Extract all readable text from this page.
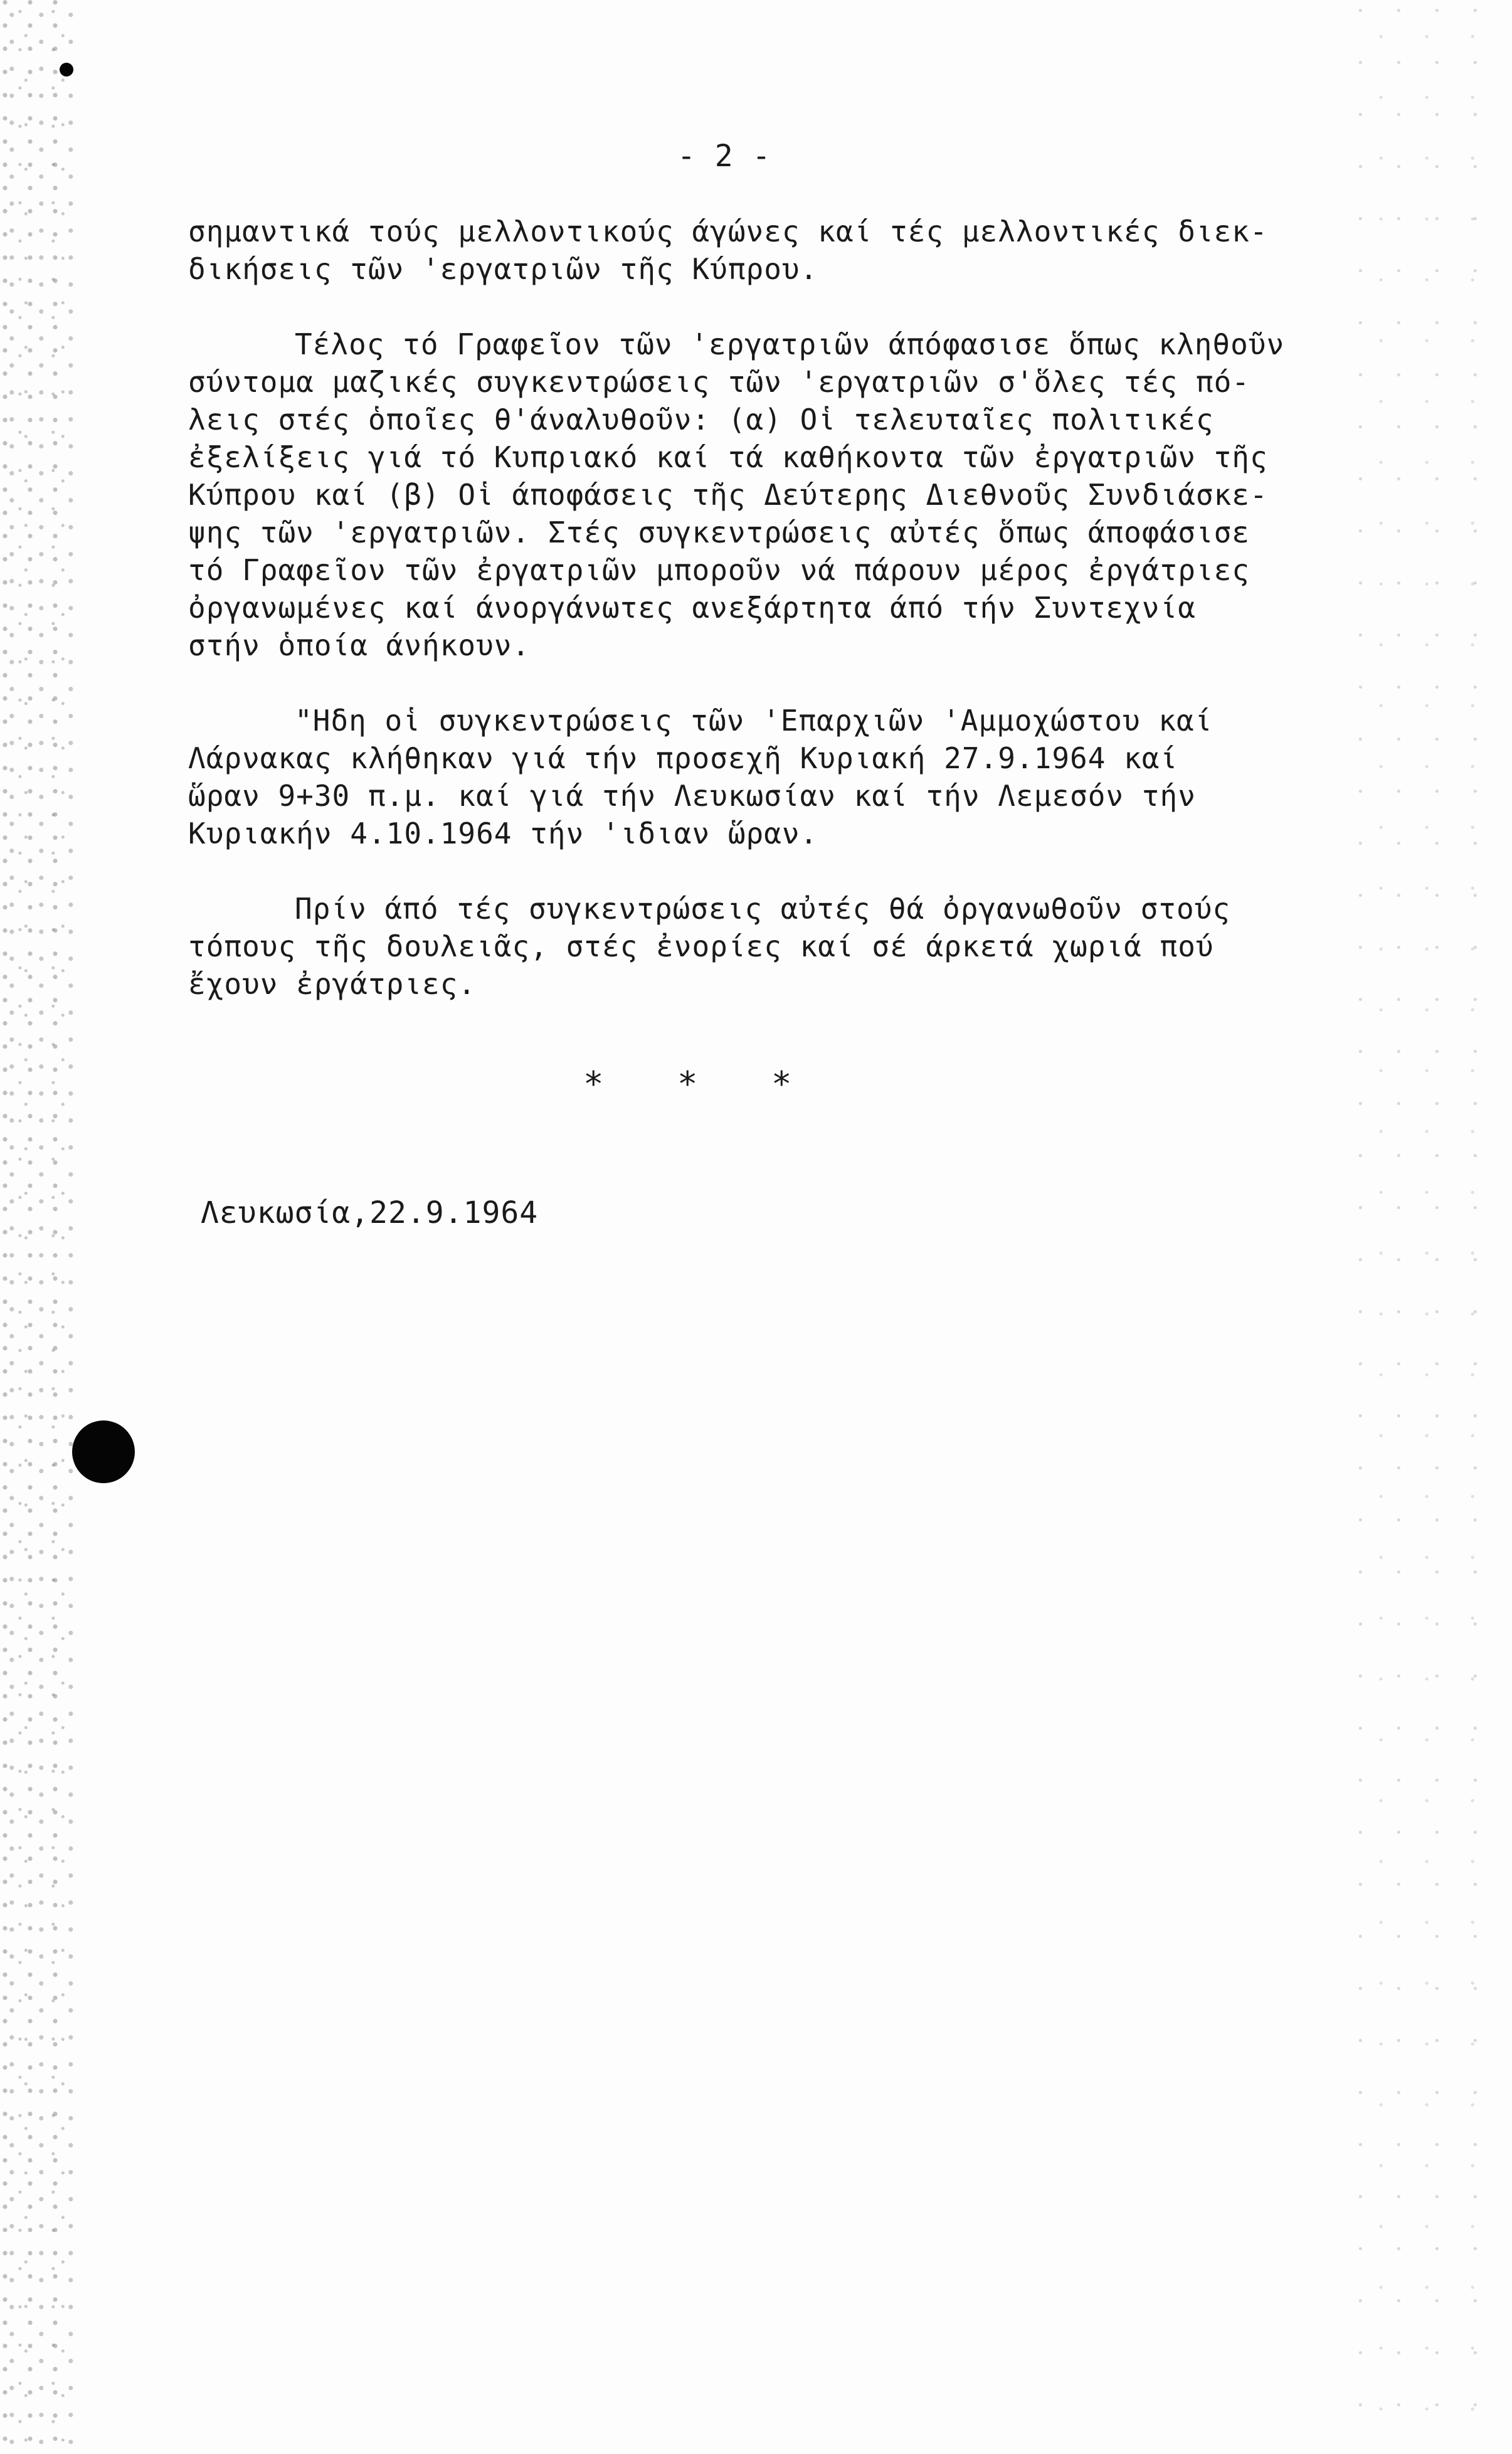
- 2 -
σημαντικά τούς μελλοντικούς άγώνες καί τές μελλοντικές διεκ-
δικήσεις τῶν 'εργατριῶν τῆς Κύπρου.
Τέλος τό Γραφεῖον τῶν 'εργατριῶν άπόφασισε ὅπως κληθοῦν
σύντομα μαζικές συγκεντρώσεις τῶν 'εργατριῶν σ'ὅλες τές πό-
λεις στές ὁποῖες θ'άναλυθοῦν: (α) Οἱ τελευταῖες πολιτικές
ἐξελίξεις γιά τό Κυπριακό καί τά καθήκοντα τῶν ἐργατριῶν τῆς
Κύπρου καί (β) Οἱ άποφάσεις τῆς Δεύτερης Διεθνοῦς Συνδιάσκε-
ψης τῶν 'εργατριῶν. Στές συγκεντρώσεις αὐτές ὅπως άποφάσισε
τό Γραφεῖον τῶν ἐργατριῶν μποροῦν νά πάρουν μέρος ἐργάτριες
ὀργανωμένες καί άνοργάνωτες ανεξάρτητα άπό τήν Συντεχνία
στήν ὁποία άνήκουν.
"Ηδη οἱ συγκεντρώσεις τῶν 'Επαρχιῶν 'Αμμοχώστου καί
Λάρνακας κλήθηκαν γιά τήν προσεχῆ Κυριακή 27.9.1964 καί
ὥραν 9+30 π.μ. καί γιά τήν Λευκωσίαν καί τήν Λεμεσόν τήν
Κυριακήν 4.10.1964 τήν 'ιδιαν ὥραν.
Πρίν άπό τές συγκεντρώσεις αὐτές θά ὀργανωθοῦν στούς
τόπους τῆς δουλειᾶς, στές ἐνορίες καί σέ άρκετά χωριά πού
ἔχουν ἐργάτριες.
* * *
Λευκωσία,22.9.1964
